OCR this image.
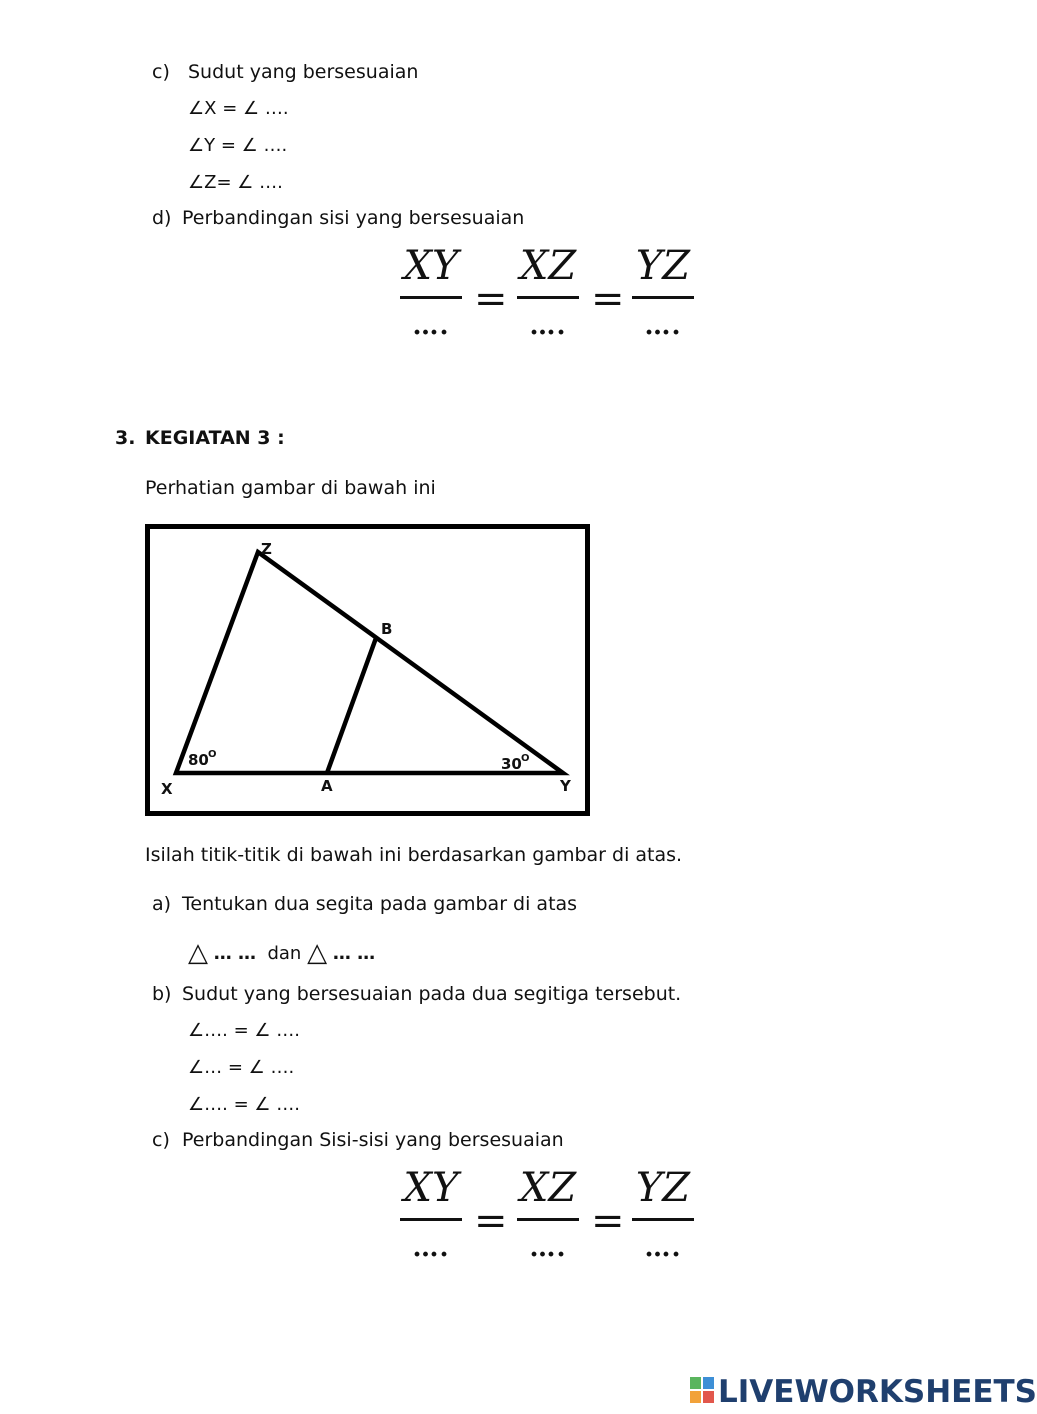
c) Sudut yang bersesuaian
∠X = ∠ ….
∠Y = ∠ ….
∠Z= ∠ ….
d) Perbandingan sisi yang bersesuaian
XY
….
=
XZ
….
=
YZ
….
3. KEGIATAN 3 :
Perhatian gambar di bawah ini
Z
B
X	A	Y
80 O
30 O
Isilah titik-titik di bawah ini berdasarkan gambar di atas.
a) Tentukan dua segita pada gambar di atas
△ … … dan △ … …
b) Sudut yang bersesuaian pada dua segitiga tersebut.
∠…. = ∠ ….
∠… = ∠ ….
∠…. = ∠ ….
c) Perbandingan Sisi-sisi yang bersesuaian
XY
….
=
XZ
….
=
YZ
….
LIVEWORKSHEETS
